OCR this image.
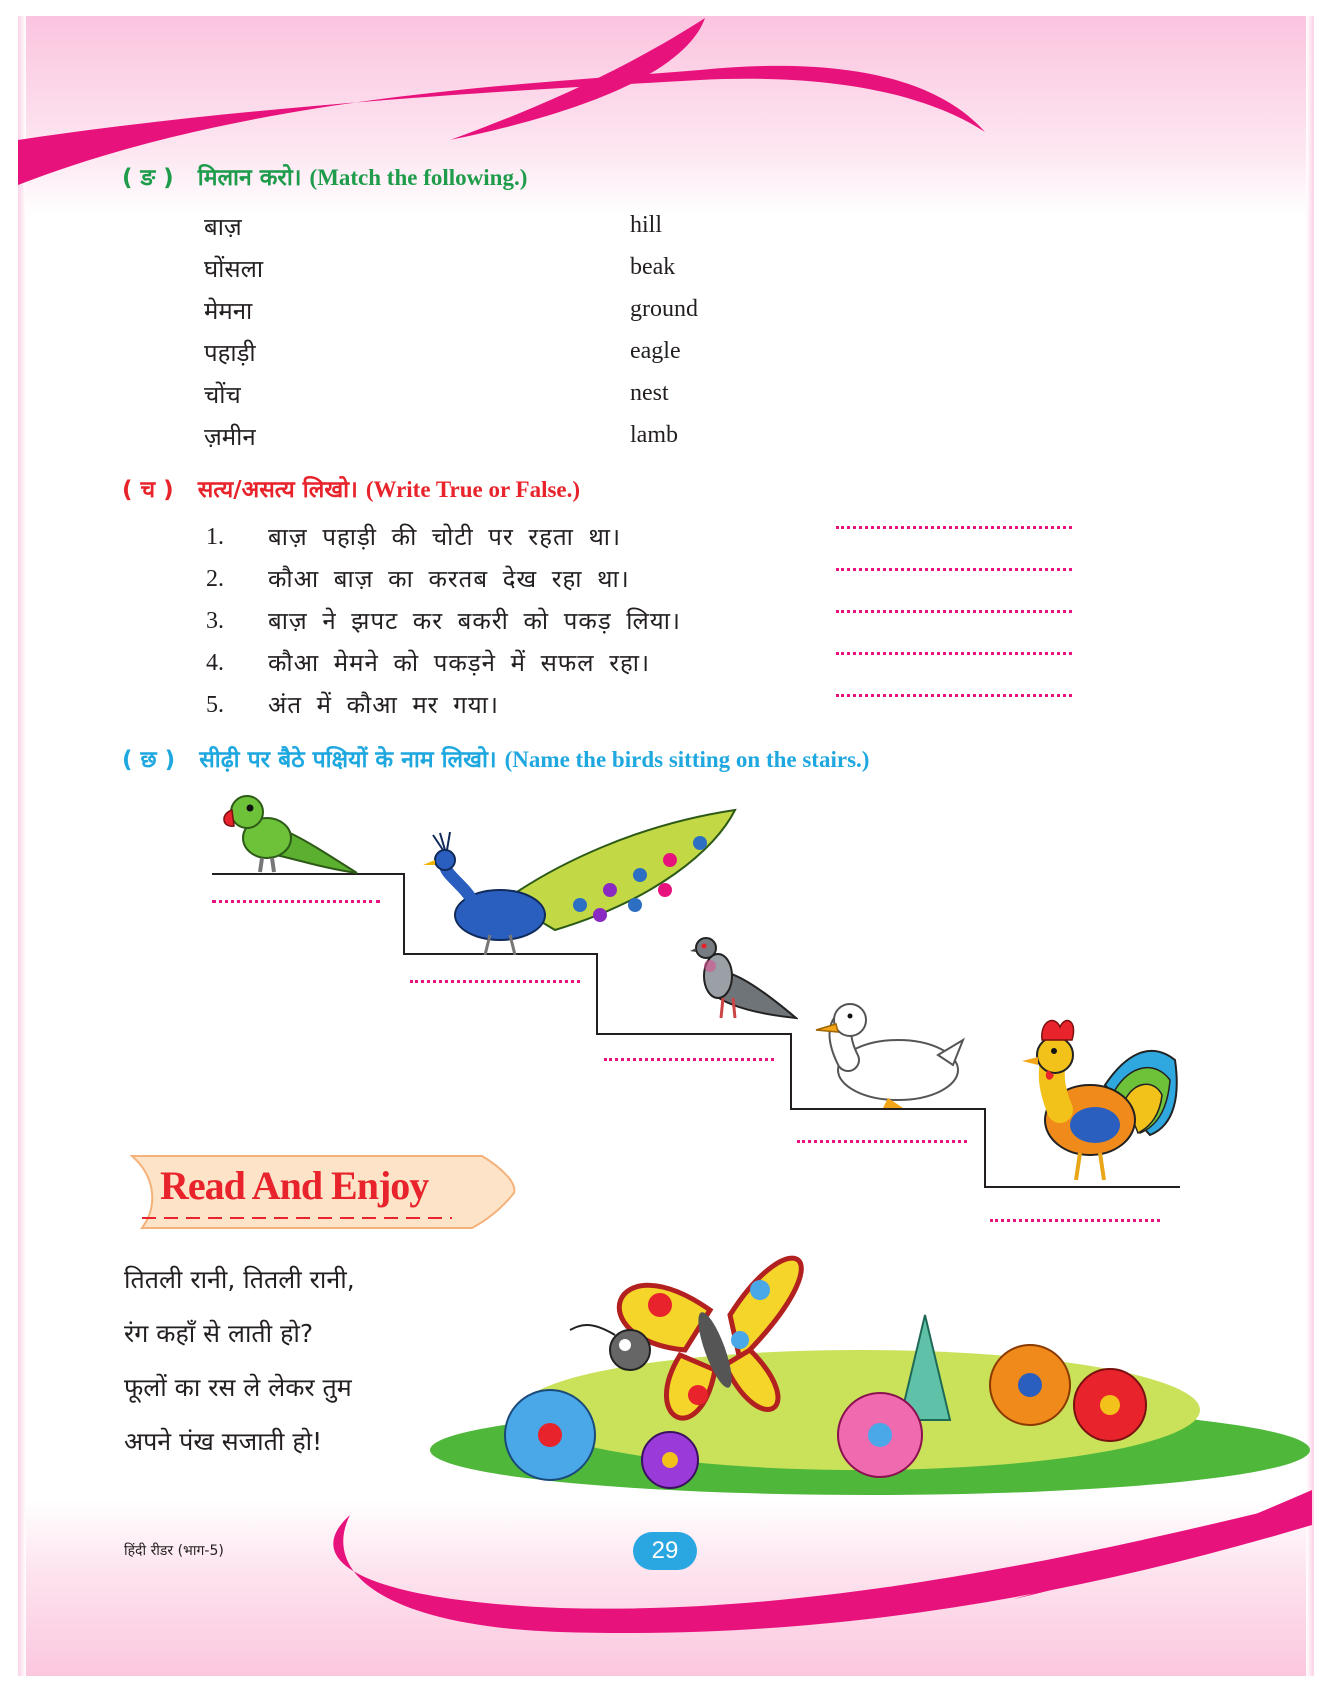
( ङ ) मिलान करो। (Match the following.)
बाज़
घोंसला
मेमना
पहाड़ी
चोंच
ज़मीन
hill
beak
ground
eagle
nest
lamb
( च ) सत्य/असत्य लिखो। (Write True or False.)
1. बाज़ पहाड़ी की चोटी पर रहता था।
2. कौआ बाज़ का करतब देख रहा था।
3. बाज़ ने झपट कर बकरी को पकड़ लिया।
4. कौआ मेमने को पकड़ने में सफल रहा।
5. अंत में कौआ मर गया।
( छ ) सीढ़ी पर बैठे पक्षियों के नाम लिखो। (Name the birds sitting on the stairs.)
Read And Enjoy
तितली रानी, तितली रानी,
रंग कहाँ से लाती हो?
फूलों का रस ले लेकर तुम
अपने पंख सजाती हो!
हिंदी रीडर (भाग-5)	29
